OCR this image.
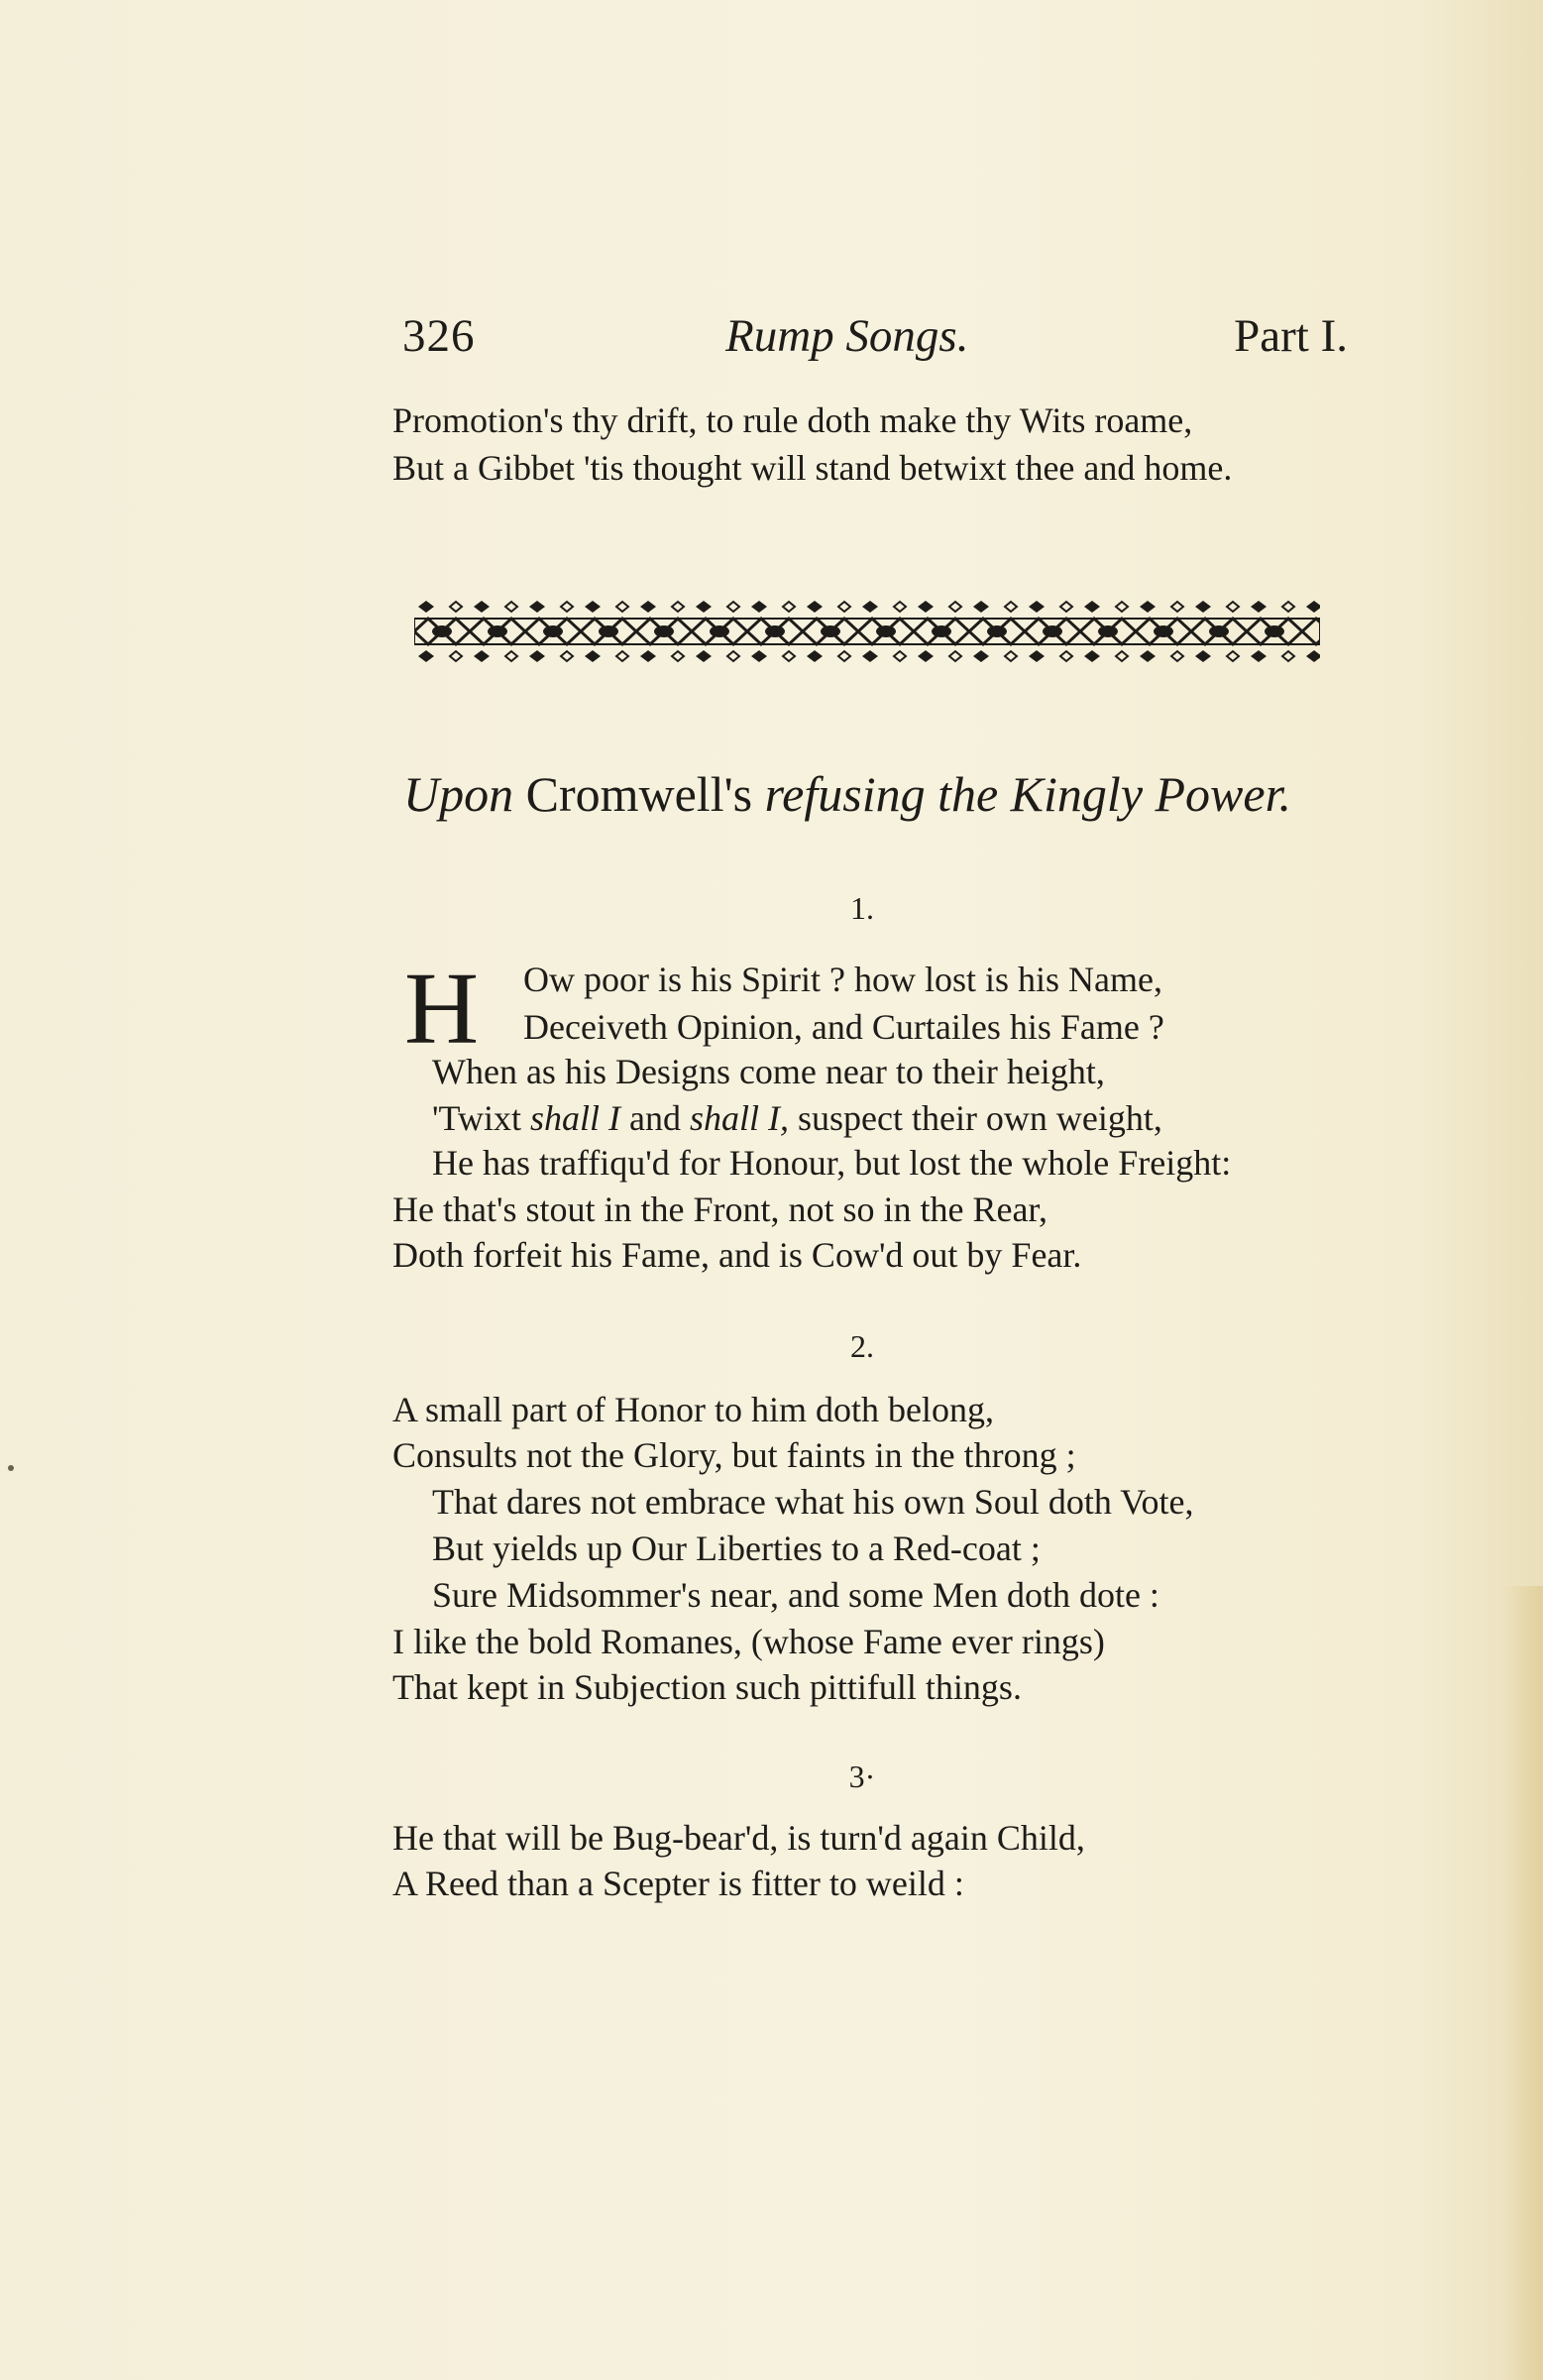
326	Rump Songs.	Part I.
Promotion's thy drift, to rule doth make thy Wits roame,
But a Gibbet 'tis thought will stand betwixt thee and home.
Upon Cromwell's refusing the Kingly Power.
1.
H Ow poor is his Spirit ? how lost is his Name,
Deceiveth Opinion, and Curtailes his Fame ?
When as his Designs come near to their height,
'Twixt shall I and shall I, suspect their own weight,
He has traffiqu'd for Honour, but lost the whole Freight:
He that's stout in the Front, not so in the Rear,
Doth forfeit his Fame, and is Cow'd out by Fear.
2.
A small part of Honor to him doth belong,
Consults not the Glory, but faints in the throng ;
That dares not embrace what his own Soul doth Vote,
But yields up Our Liberties to a Red-coat ;
Sure Midsommer's near, and some Men doth dote :
I like the bold Romanes, (whose Fame ever rings)
That kept in Subjection such pittifull things.
3·
He that will be Bug-bear'd, is turn'd again Child,
A Reed than a Scepter is fitter to weild :
